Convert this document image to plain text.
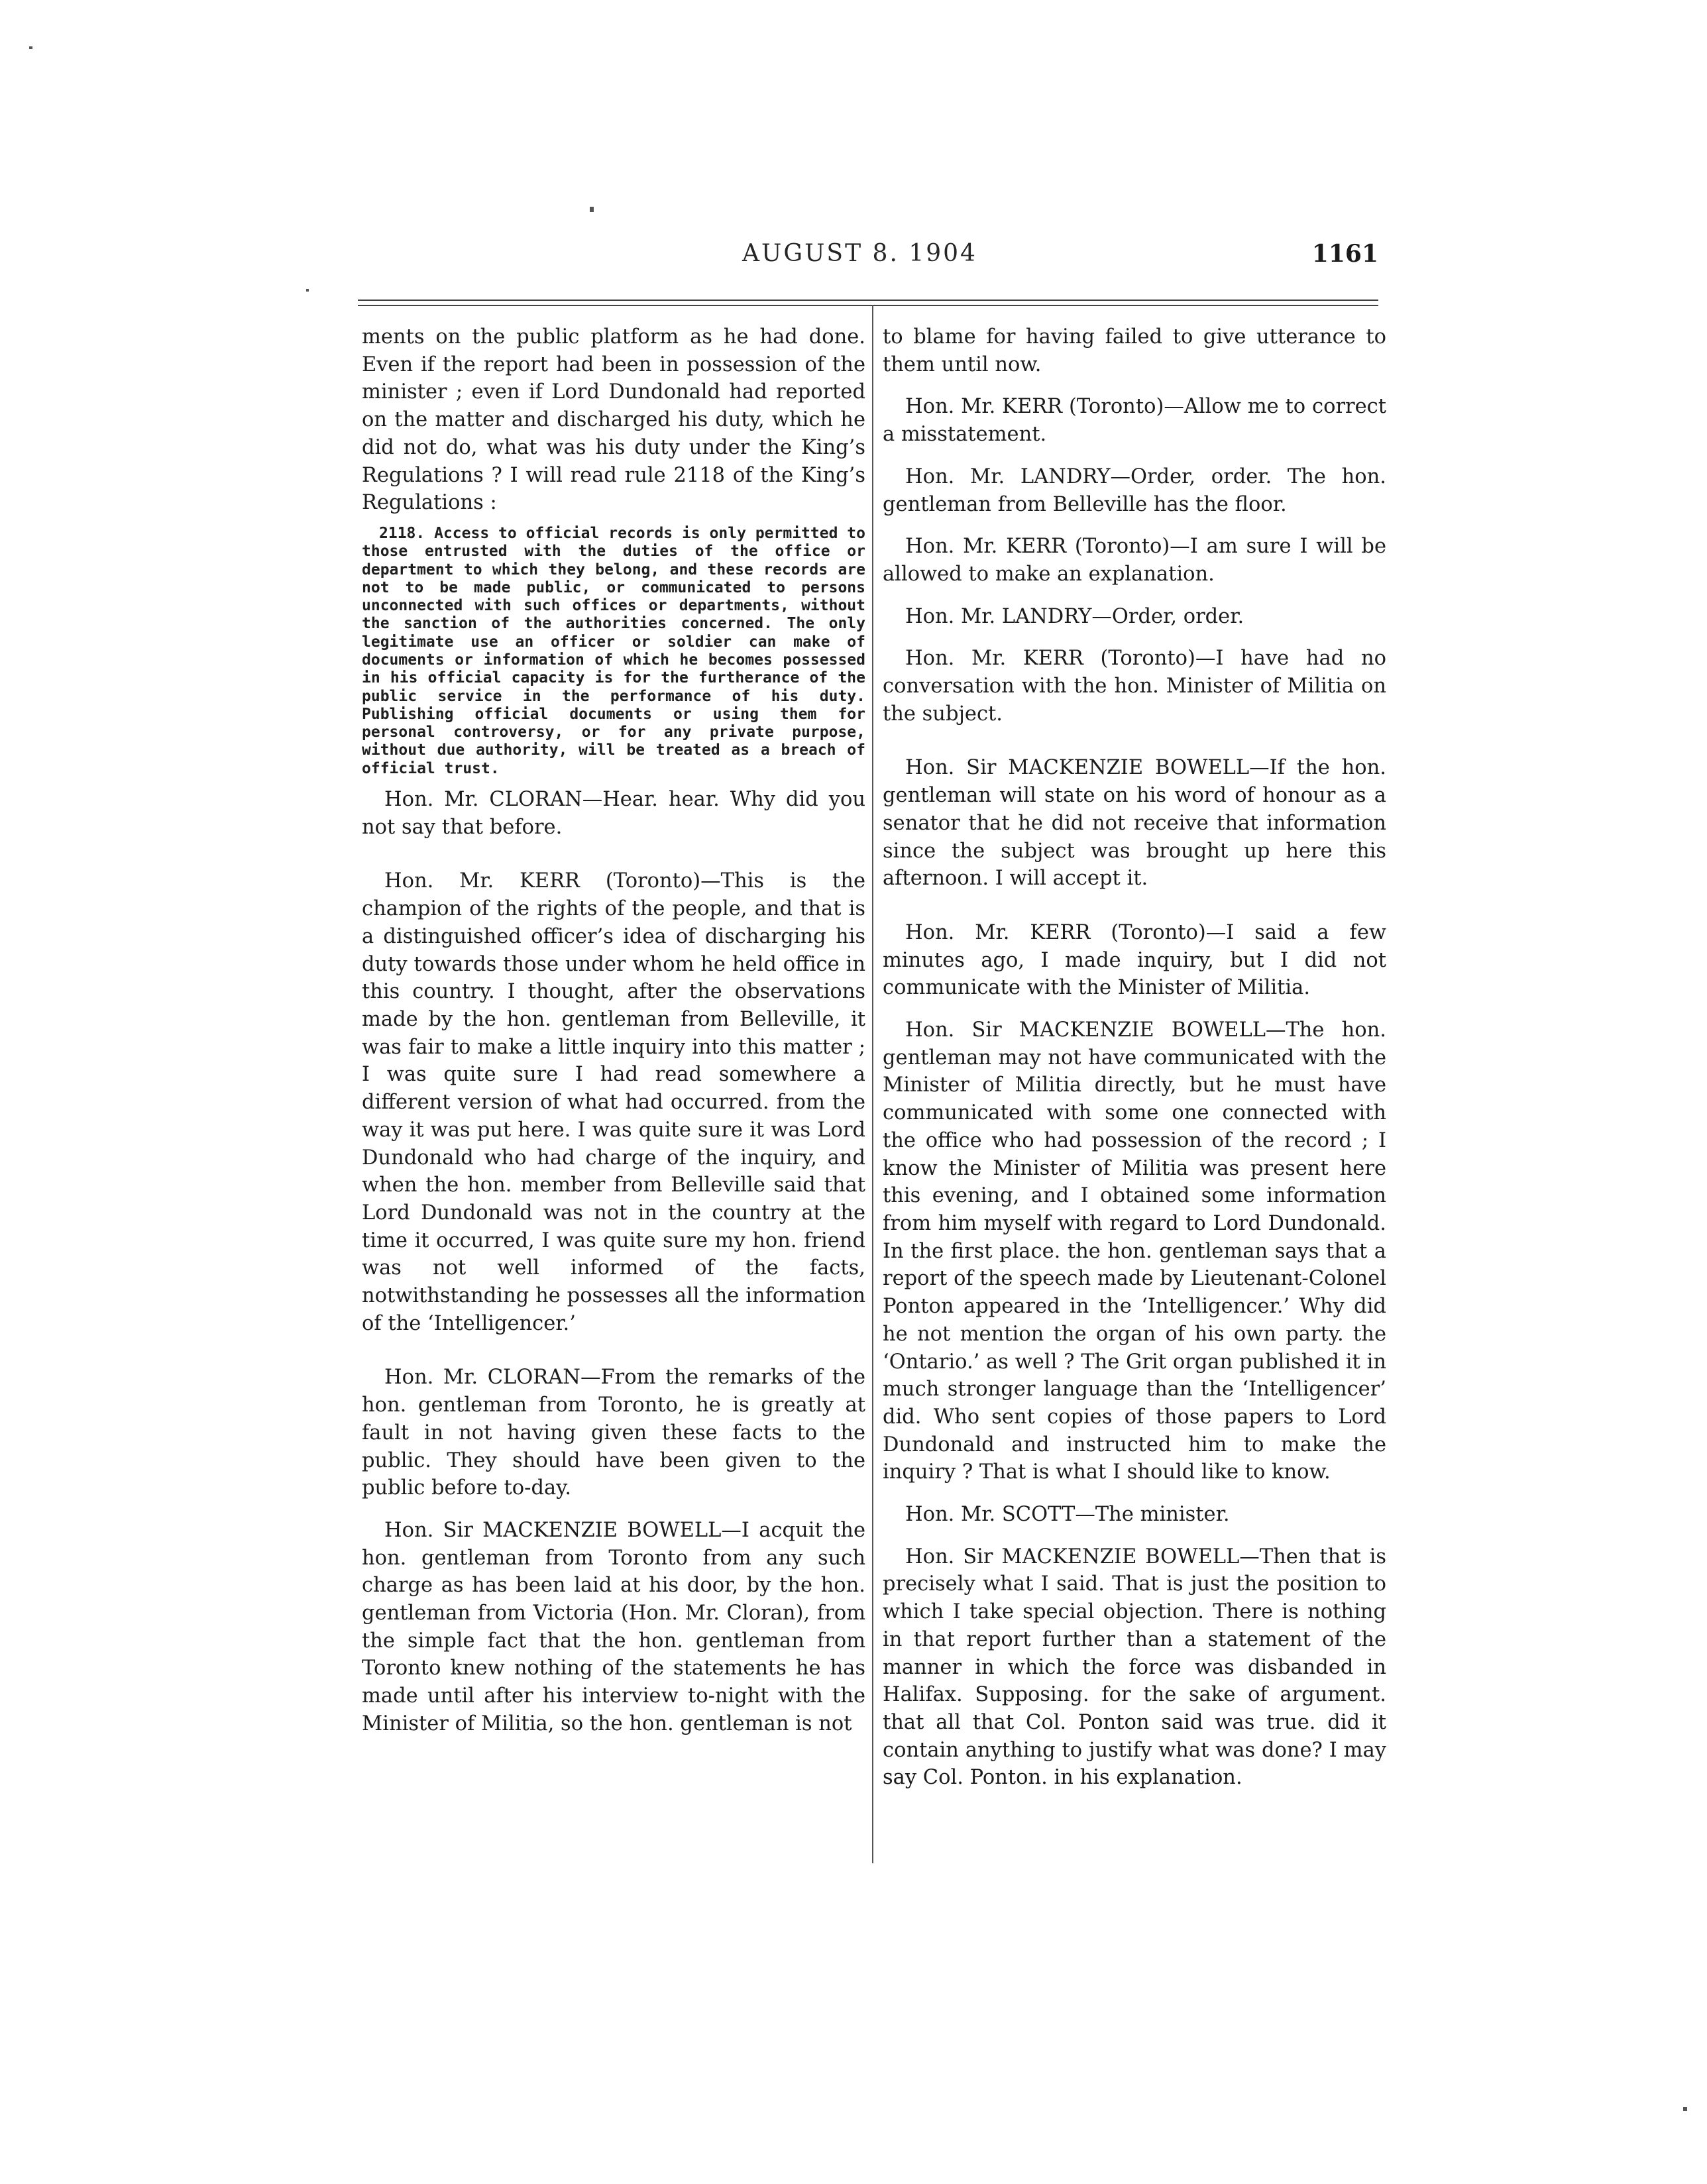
AUGUST 8. 1904	1161

ments on the public platform as he had done. Even if the report had been in possession of the minister ; even if Lord Dundonald had reported on the matter and discharged his duty, which he did not do, what was his duty under the King’s Regulations ? I will read rule 2118 of the King’s Regulations :

2118. Access to official records is only permitted to those entrusted with the duties of the office or department to which they belong, and these records are not to be made public, or communicated to persons unconnected with such offices or departments, without the sanction of the authorities concerned. The only legitimate use an officer or soldier can make of documents or information of which he becomes possessed in his official capacity is for the furtherance of the public service in the performance of his duty. Publishing official documents or using them for personal controversy, or for any private purpose, without due authority, will be treated as a breach of official trust.

Hon. Mr. CLORAN—Hear. hear. Why did you not say that before.

Hon. Mr. KERR (Toronto)—This is the champion of the rights of the people, and that is a distinguished officer’s idea of discharging his duty towards those under whom he held office in this country. I thought, after the observations made by the hon. gentleman from Belleville, it was fair to make a little inquiry into this matter ; I was quite sure I had read somewhere a different version of what had occurred. from the way it was put here. I was quite sure it was Lord Dundonald who had charge of the inquiry, and when the hon. member from Belleville said that Lord Dundonald was not in the country at the time it occurred, I was quite sure my hon. friend was not well informed of the facts, notwithstanding he possesses all the information of the ‘Intelligencer.’

Hon. Mr. CLORAN—From the remarks of the hon. gentleman from Toronto, he is greatly at fault in not having given these facts to the public. They should have been given to the public before to-day.

Hon. Sir MACKENZIE BOWELL—I acquit the hon. gentleman from Toronto from any such charge as has been laid at his door, by the hon. gentleman from Victoria (Hon. Mr. Cloran), from the simple fact that the hon. gentleman from Toronto knew nothing of the statements he has made until after his interview to-night with the Minister of Militia, so the hon. gentleman is not

to blame for having failed to give utterance to them until now.

Hon. Mr. KERR (Toronto)—Allow me to correct a misstatement.

Hon. Mr. LANDRY—Order, order. The hon. gentleman from Belleville has the floor.

Hon. Mr. KERR (Toronto)—I am sure I will be allowed to make an explanation.

Hon. Mr. LANDRY—Order, order.

Hon. Mr. KERR (Toronto)—I have had no conversation with the hon. Minister of Militia on the subject.

Hon. Sir MACKENZIE BOWELL—If the hon. gentleman will state on his word of honour as a senator that he did not receive that information since the subject was brought up here this afternoon. I will accept it.

Hon. Mr. KERR (Toronto)—I said a few minutes ago, I made inquiry, but I did not communicate with the Minister of Militia.

Hon. Sir MACKENZIE BOWELL—The hon. gentleman may not have communicated with the Minister of Militia directly, but he must have communicated with some one connected with the office who had possession of the record ; I know the Minister of Militia was present here this evening, and I obtained some information from him myself with regard to Lord Dundonald. In the first place. the hon. gentleman says that a report of the speech made by Lieutenant-Colonel Ponton appeared in the ‘Intelligencer.’ Why did he not mention the organ of his own party. the ‘Ontario.’ as well ? The Grit organ published it in much stronger language than the ‘Intelligencer’ did. Who sent copies of those papers to Lord Dundonald and instructed him to make the inquiry ? That is what I should like to know.

Hon. Mr. SCOTT—The minister.

Hon. Sir MACKENZIE BOWELL—Then that is precisely what I said. That is just the position to which I take special objection. There is nothing in that report further than a statement of the manner in which the force was disbanded in Halifax. Supposing. for the sake of argument. that all that Col. Ponton said was true. did it contain anything to justify what was done? I may say Col. Ponton. in his explanation.
